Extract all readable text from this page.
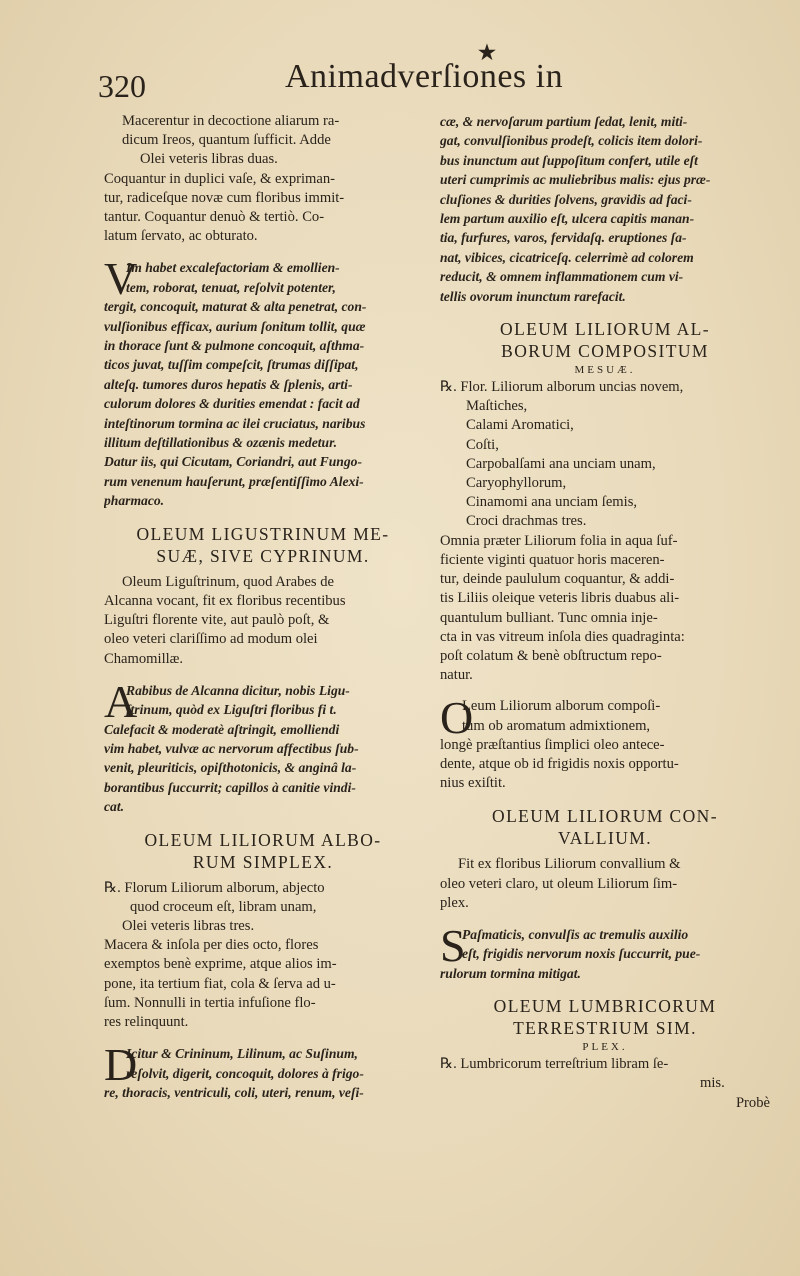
★
320	Animadverſiones in

Macerentur in decoctione aliarum ra-

dicum Ireos, quantum ſufficit. Adde

Olei veteris libras duas.

Coquantur in duplici vaſe, & expriman-

tur, radiceſque novæ cum floribus immit-

tantur. Coquantur denuò & tertiò. Co-

latum ſervato, ac obturato.

V

Im habet excalefactoriam & emollien-

tem, roborat, tenuat, reſolvit potenter,

tergit, concoquit, maturat & alta penetrat, con-

vulſionibus efficax, aurium ſonitum tollit, quæ

in thorace ſunt & pulmone concoquit, aſthma-

ticos juvat, tuſſim compeſcit, ſtrumas diſſipat,

alteſq. tumores duros hepatis & ſplenis, arti-

culorum dolores & durities emendat : facit ad

inteſtinorum tormina ac ilei cruciatus, naribus

illitum deſtillationibus & ozænis medetur.

Datur iis, qui Cicutam, Coriandri, aut Fungo-

rum venenum hauſerunt, præſentiſſimo Alexi-

pharmaco.

OLEUM LIGUSTRINUM ME-

SUÆ, SIVE CYPRINUM.

Oleum Liguſtrinum, quod Arabes de

Alcanna vocant, fit ex floribus recentibus

Liguſtri florente vite, aut paulò poſt, &

oleo veteri clariſſimo ad modum olei

Chamomillæ.

A

Rabibus de Alcanna dicitur, nobis Ligu-

ſtrinum, quòd ex Liguſtri floribus fi t.

Calefacit & moderatè aſtringit, emolliendi

vim habet, vulvæ ac nervorum affectibus ſub-

venit, pleuriticis, opiſthotonicis, & anginâ la-

borantibus ſuccurrit; capillos à canitie vindi-

cat.

OLEUM LILIORUM ALBO-

RUM SIMPLEX.

℞. Florum Liliorum alborum, abjecto

quod croceum eſt, libram unam,

Olei veteris libras tres.

Macera & inſola per dies octo, flores

exemptos benè exprime, atque alios im-

pone, ita tertium fiat, cola & ſerva ad u-

ſum. Nonnulli in tertia infuſione flo-

res relinquunt.

D

Icitur & Crininum, Lilinum, ac Suſinum,

reſolvit, digerit, concoquit, dolores à frigo-

re, thoracis, ventriculi, coli, uteri, renum, veſi-

cæ, & nervoſarum partium ſedat, lenit, miti-

gat, convulſionibus prodeſt, colicis item dolori-

bus inunctum aut ſuppoſitum confert, utile eſt

uteri cumprimis ac muliebribus malis: ejus præ-

cluſiones & durities ſolvens, gravidis ad faci-

lem partum auxilio eſt, ulcera capitis manan-

tia, furfures, varos, fervidaſq. eruptiones ſa-

nat, vibices, cicatriceſq. celerrimè ad colorem

reducit, & omnem inflammationem cum vi-

tellis ovorum inunctum rarefacit.

OLEUM LILIORUM AL-

BORUM COMPOSITUM

MESUÆ.

℞. Flor. Liliorum alborum uncias novem,

Maſtiches,

Calami Aromatici,

Coſti,

Carpobalſami ana unciam unam,

Caryophyllorum,

Cinamomi ana unciam ſemis,

Croci drachmas tres.

Omnia præter Liliorum folia in aqua ſuf-

ficiente viginti quatuor horis maceren-

tur, deinde paululum coquantur, & addi-

tis Liliis oleique veteris libris duabus ali-

quantulum bulliant. Tunc omnia inje-

cta in vas vitreum inſola dies quadraginta:

poſt colatum & benè obſtructum repo-

natur.

O

Leum Liliorum alborum compoſi-

tum ob aromatum admixtionem,

longè præſtantius ſimplici oleo antece-

dente, atque ob id frigidis noxis opportu-

nius exiſtit.

OLEUM LILIORUM CON-

VALLIUM.

Fit ex floribus Liliorum convallium &

oleo veteri claro, ut oleum Liliorum ſim-

plex.

S

Paſmaticis, convulſis ac tremulis auxilio

eſt, frigidis nervorum noxis ſuccurrit, pue-

rulorum tormina mitigat.

OLEUM LUMBRICORUM

TERRESTRIUM SIM.

PLEX.

℞. Lumbricorum terreſtrium libram ſe-

mis.

Probè
